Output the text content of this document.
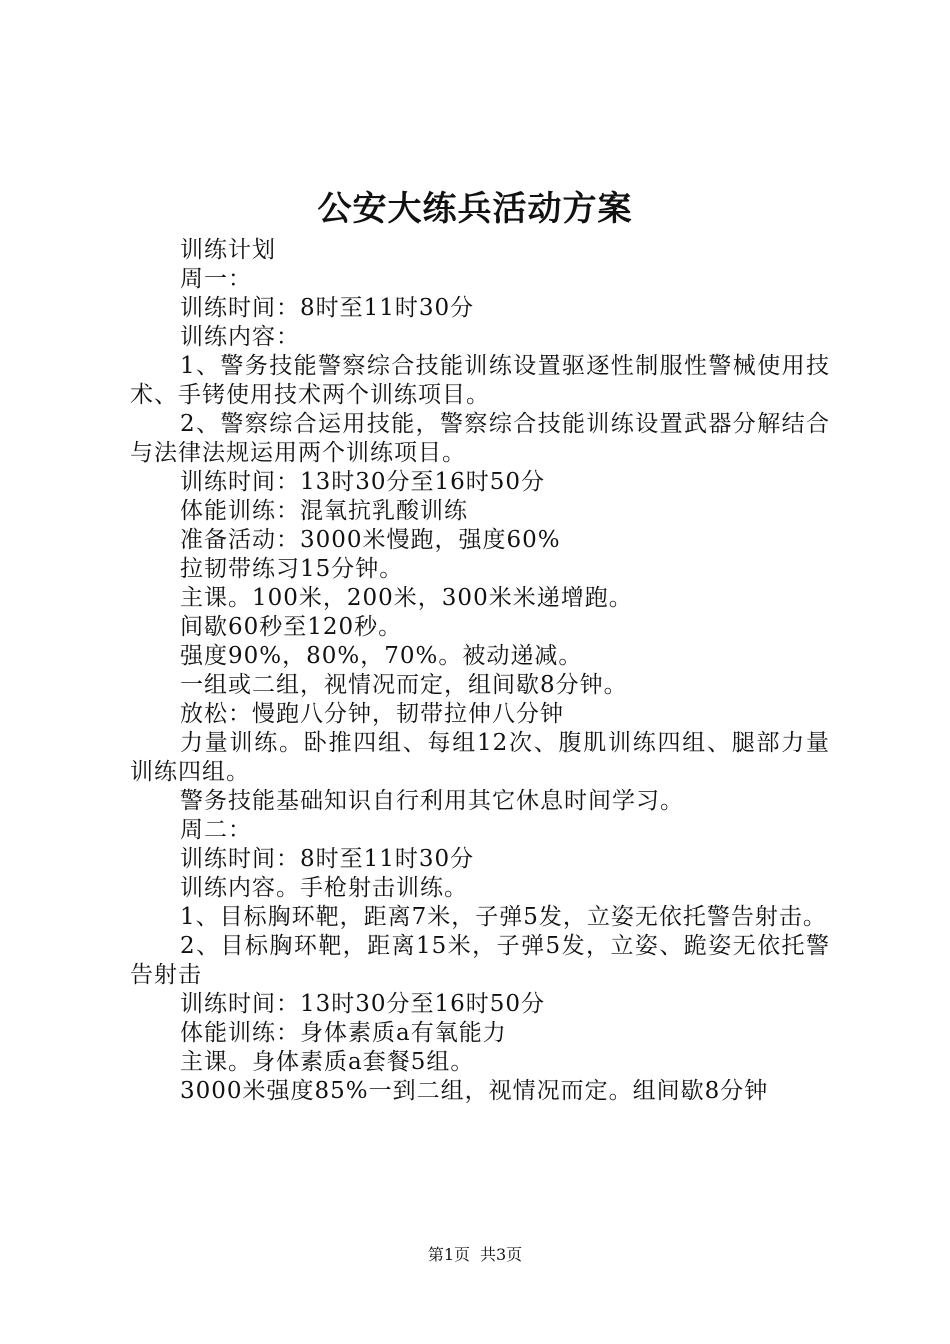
公安大练兵活动方案

训练计划

周一：

训练时间：8时至11时30分

训练内容：

1、警务技能警察综合技能训练设置驱逐性制服性警械使用技术、手铐使用技术两个训练项目。

2、警察综合运用技能，警察综合技能训练设置武器分解结合与法律法规运用两个训练项目。

训练时间：13时30分至16时50分

体能训练：混氧抗乳酸训练

准备活动：3000米慢跑，强度60%

拉韧带练习15分钟。

主课。100米，200米，300米米递增跑。

间歇60秒至120秒。

强度90%，80%，70%。被动递减。

一组或二组，视情况而定，组间歇8分钟。

放松：慢跑八分钟，韧带拉伸八分钟

力量训练。卧推四组、每组12次、腹肌训练四组、腿部力量训练四组。

警务技能基础知识自行利用其它休息时间学习。

周二：

训练时间：8时至11时30分

训练内容。手枪射击训练。

1、目标胸环靶，距离7米，子弹5发，立姿无依托警告射击。

2、目标胸环靶，距离15米，子弹5发，立姿、跪姿无依托警告射击

训练时间：13时30分至16时50分

体能训练：身体素质a有氧能力

主课。身体素质a套餐5组。

3000米强度85%一到二组，视情况而定。组间歇8分钟

第1页 共3页
